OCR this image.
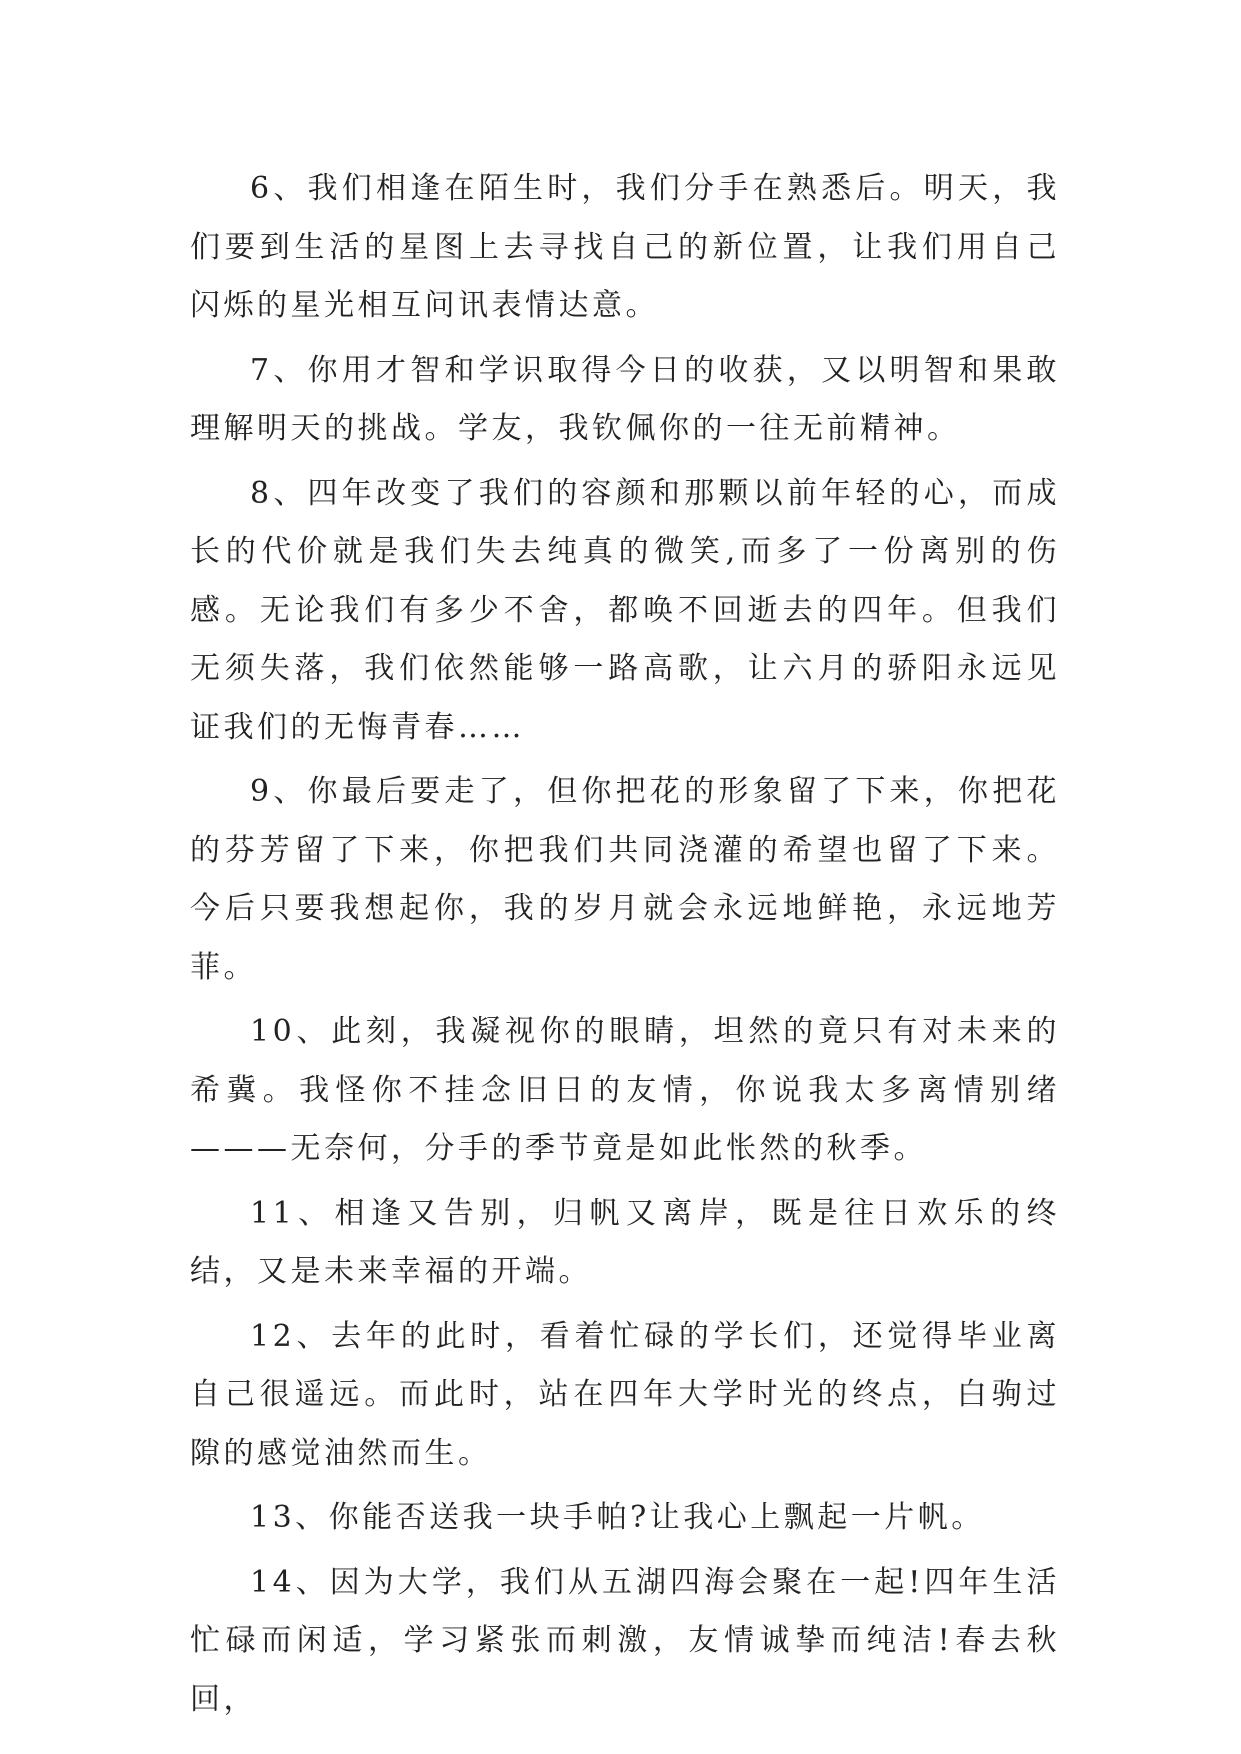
6、我们相逢在陌生时，我们分手在熟悉后。明天，我们要到生活的星图上去寻找自己的新位置，让我们用自己闪烁的星光相互问讯表情达意。

7、你用才智和学识取得今日的收获，又以明智和果敢理解明天的挑战。学友，我钦佩你的一往无前精神。

8、四年改变了我们的容颜和那颗以前年轻的心，而成长的代价就是我们失去纯真的微笑,而多了一份离别的伤感。无论我们有多少不舍，都唤不回逝去的四年。但我们无须失落，我们依然能够一路高歌，让六月的骄阳永远见证我们的无悔青春……

9、你最后要走了，但你把花的形象留了下来，你把花的芬芳留了下来，你把我们共同浇灌的希望也留了下来。今后只要我想起你，我的岁月就会永远地鲜艳，永远地芳菲。

10、此刻，我凝视你的眼睛，坦然的竟只有对未来的希冀。我怪你不挂念旧日的友情，你说我太多离情别绪———无奈何，分手的季节竟是如此怅然的秋季。

11、相逢又告别，归帆又离岸，既是往日欢乐的终结，又是未来幸福的开端。

12、去年的此时，看着忙碌的学长们，还觉得毕业离自己很遥远。而此时，站在四年大学时光的终点，白驹过隙的感觉油然而生。

13、你能否送我一块手帕?让我心上飘起一片帆。

14、因为大学，我们从五湖四海会聚在一起!四年生活忙碌而闲适，学习紧张而刺激，友情诚挚而纯洁!春去秋回，
